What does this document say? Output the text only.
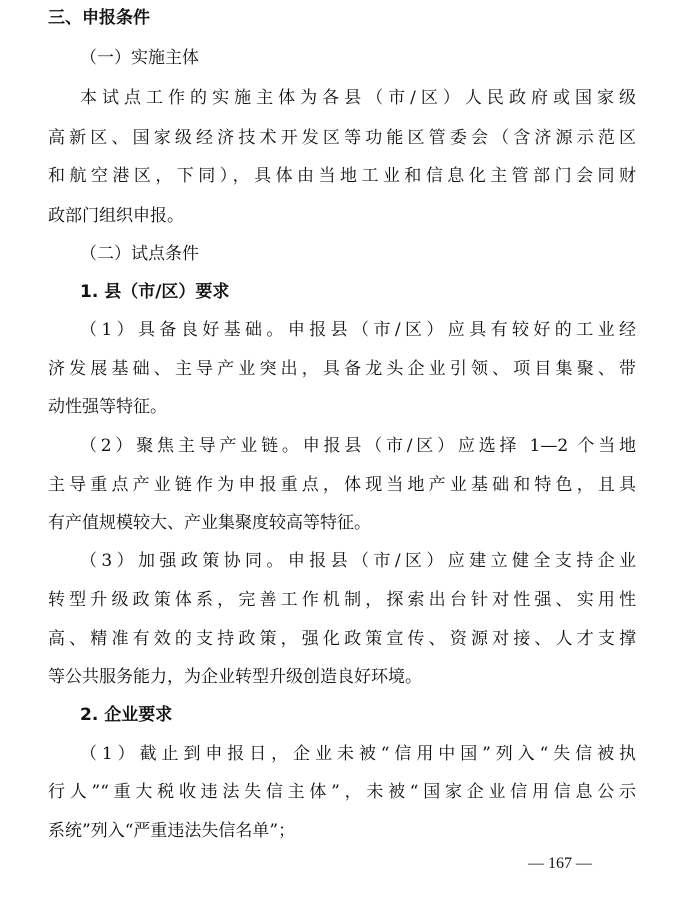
三、申报条件
（一）实施主体
本试点工作的实施主体为各县（市/区）人民政府或国家级
高新区、国家级经济技术开发区等功能区管委会（含济源示范区
和航空港区，下同），具体由当地工业和信息化主管部门会同财
政部门组织申报。
（二）试点条件
1. 县（市/区）要求
（1）具备良好基础。申报县（市/区）应具有较好的工业经
济发展基础、主导产业突出，具备龙头企业引领、项目集聚、带
动性强等特征。
（2）聚焦主导产业链。申报县（市/区）应选择 1—2 个当地
主导重点产业链作为申报重点，体现当地产业基础和特色，且具
有产值规模较大、产业集聚度较高等特征。
（3）加强政策协同。申报县（市/区）应建立健全支持企业
转型升级政策体系，完善工作机制，探索出台针对性强、实用性
高、精准有效的支持政策，强化政策宣传、资源对接、人才支撑
等公共服务能力，为企业转型升级创造良好环境。
2. 企业要求
（1）截止到申报日，企业未被“信用中国”列入“失信被执
行人”“重大税收违法失信主体”，未被“国家企业信用信息公示
系统”列入“严重违法失信名单”；
— 167 —
